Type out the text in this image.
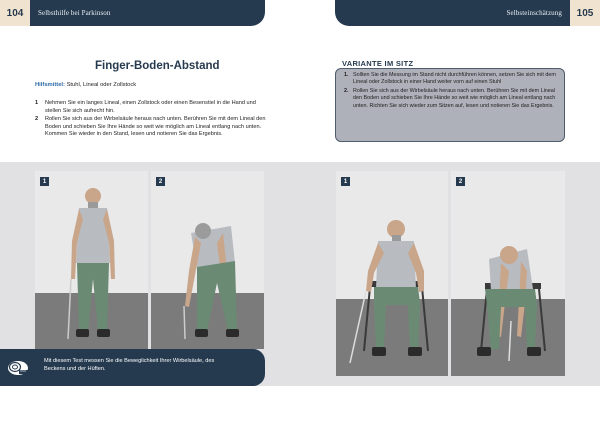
104	Selbsthilfe bei Parkinson	Selbsteinschätzung	105
Finger-Boden-Abstand
Hilfsmittel: Stuhl, Lineal oder Zollstock
1 Nehmen Sie ein langes Lineal, einen Zollstock oder einen Besenstiel in die Hand und stellen Sie sich aufrecht hin.
2 Rollen Sie sich aus der Wirbelsäule heraus nach unten. Berühren Sie mit dem Lineal den Boden und schieben Sie Ihre Hände so weit wie möglich am Lineal entlang nach unten. Kommen Sie wieder in den Stand, lesen und notieren Sie das Ergebnis.
VARIANTE IM SITZ
1. Sollten Sie die Messung im Stand nicht durchführen können, setzen Sie sich mit dem Lineal oder Zollstock in einer Hand weiter vorn auf einen Stuhl
2. Rollen Sie sich aus der Wirbelsäule heraus nach unten. Berühren Sie mit dem Lineal den Boden und schieben Sie Ihre Hände so weit wie möglich am Lineal entlang nach unten. Richten Sie sich wieder zum Sitzen auf, lesen und notieren Sie das Ergebnis.
1	2	1	2
Mit diesem Test messen Sie die Beweglichkeit Ihrer Wirbelsäule, des Beckens und der Hüften.
